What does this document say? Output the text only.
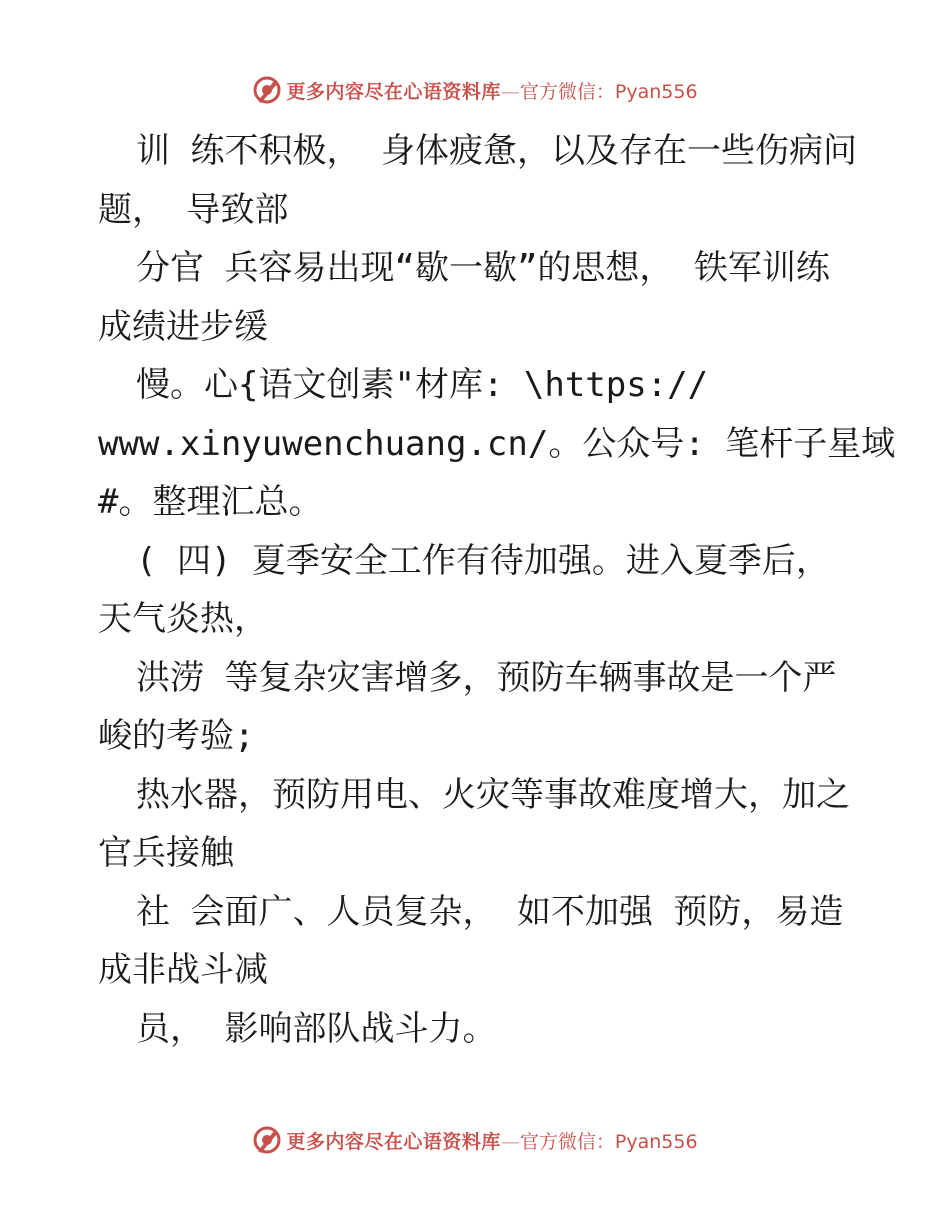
更多内容尽在心语资料库 — 官方微信：Pyan556

训 练不积极， 身体疲惫，以及存在一些伤病问

题， 导致部

分官 兵容易出现“歇一歇”的思想， 铁军训练

成绩进步缓

慢。心{语文创素"材库: \https://

www.xinyuwenchuang.cn/。公众号: 笔杆子星域

#。整理汇总。

( 四) 夏季安全工作有待加强。进入夏季后，

天气炎热，

洪涝 等复杂灾害增多，预防车辆事故是一个严

峻的考验;

热水器，预防用电、火灾等事故难度增大，加之

官兵接触

社 会面广、人员复杂， 如不加强 预防，易造

成非战斗减

员， 影响部队战斗力。

更多内容尽在心语资料库 — 官方微信：Pyan556
